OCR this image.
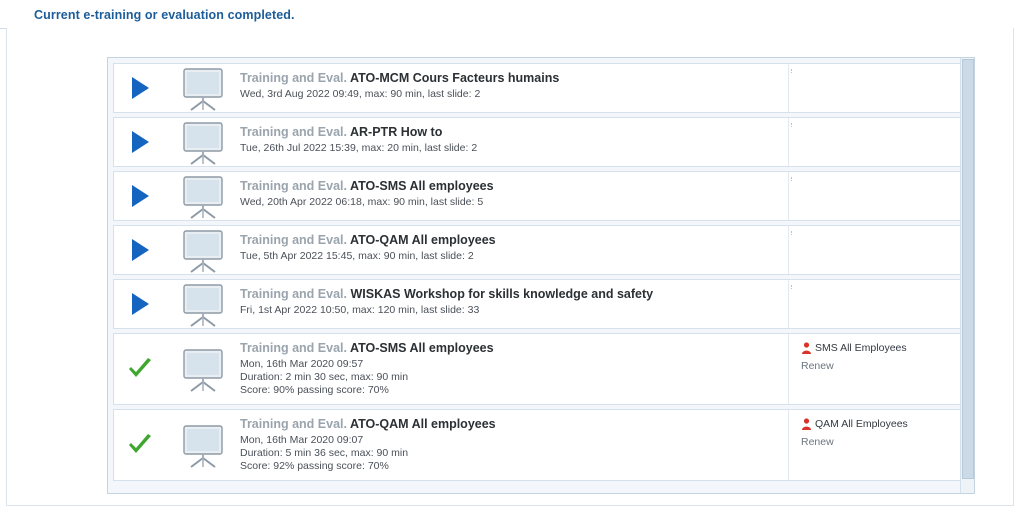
Current e-training or evaluation completed.
Training and Eval. ATO-MCM Cours Facteurs humains
Wed, 3rd Aug 2022 09:49, max: 90 min, last slide: 2
Training and Eval. AR-PTR How to
Tue, 26th Jul 2022 15:39, max: 20 min, last slide: 2
Training and Eval. ATO-SMS All employees
Wed, 20th Apr 2022 06:18, max: 90 min, last slide: 5
Training and Eval. ATO-QAM All employees
Tue, 5th Apr 2022 15:45, max: 90 min, last slide: 2
Training and Eval. WISKAS Workshop for skills knowledge and safety
Fri, 1st Apr 2022 10:50, max: 120 min, last slide: 33
Training and Eval. ATO-SMS All employees
Mon, 16th Mar 2020 09:57
Duration: 2 min 30 sec, max: 90 min
Score: 90% passing score: 70%
SMS All Employees
Renew
Training and Eval. ATO-QAM All employees
Mon, 16th Mar 2020 09:07
Duration: 5 min 36 sec, max: 90 min
Score: 92% passing score: 70%
QAM All Employees
Renew
